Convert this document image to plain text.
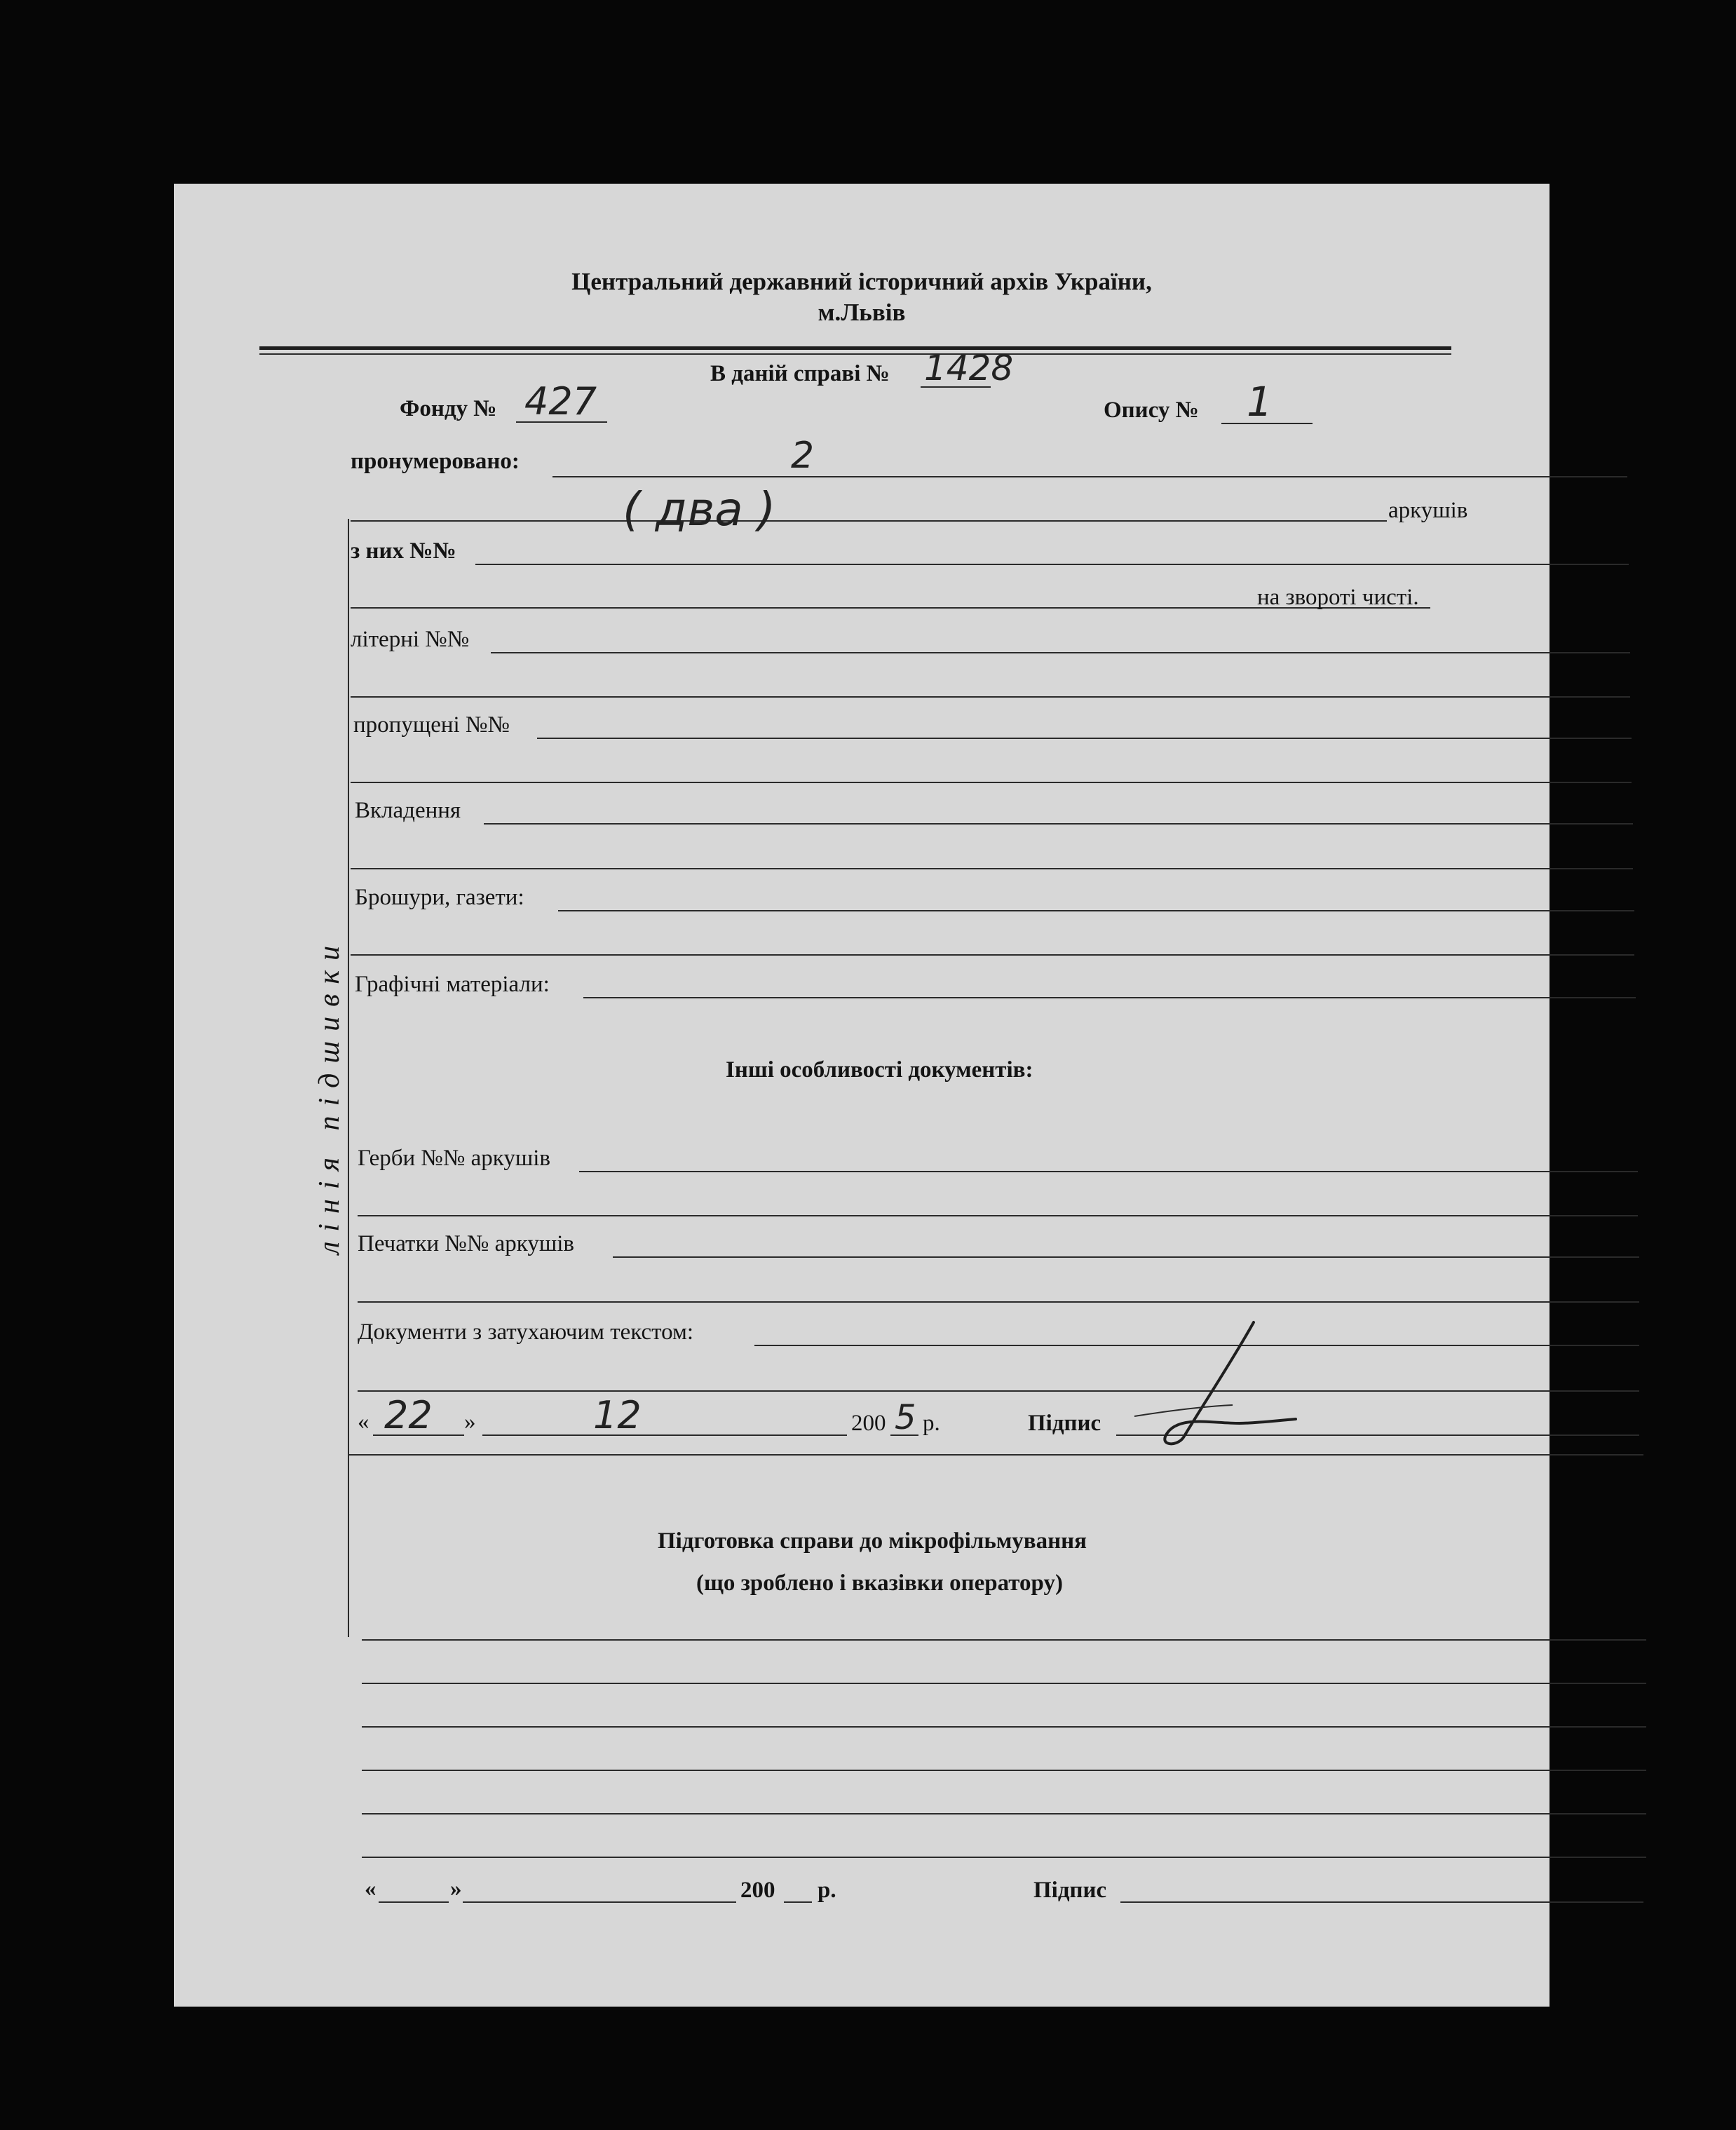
Центральний державний історичний архів України,
м.Львів
В даній справі № 1428
Фонду № 427	Опису № 1
пронумеровано:	2
( два )	аркушів
з них №№
на звороті чисті.
літерні №№
пропущені №№
Вкладення
Брошури, газети:
Графічні матеріали:
Інші особливості документів:
Герби №№ аркушів
Печатки №№ аркушів
Документи з затухаючим текстом:
« 22 »	12	200 5 р.	Підпис
лінія підшивки
Підготовка справи до мікрофільмування
(що зроблено і вказівки оператору)
«	»	200 р.	Підпис
